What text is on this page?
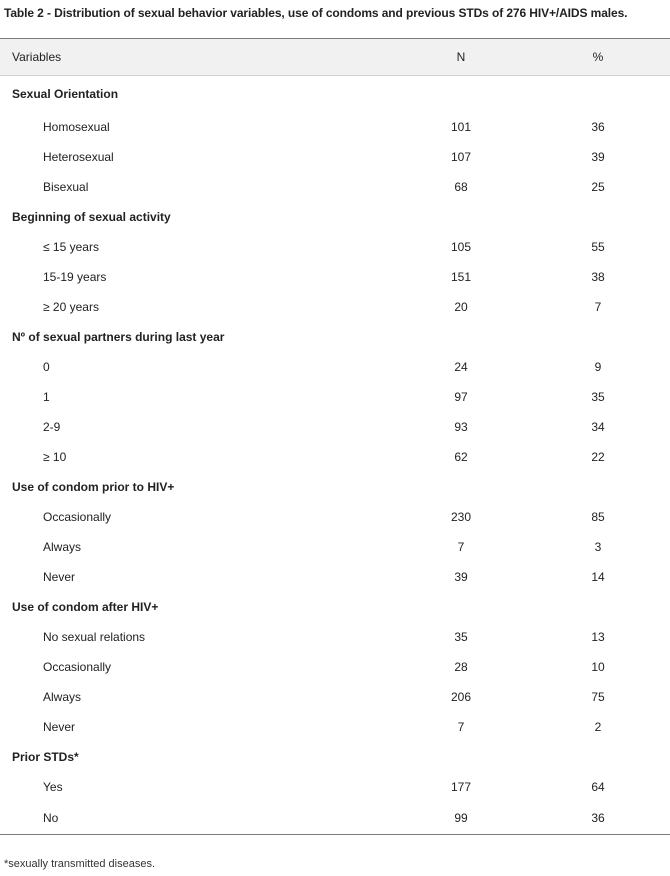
Table 2 - Distribution of sexual behavior variables, use of condoms and previous STDs of 276 HIV+/AIDS males.
Variables	N	%
Sexual Orientation
Homosexual	101	36
Heterosexual	107	39
Bisexual	68	25
Beginning of sexual activity
≤ 15 years	105	55
15-19 years	151	38
≥ 20 years	20	7
Nº of sexual partners during last year
0	24	9
1	97	35
2-9	93	34
≥ 10	62	22
Use of condom prior to HIV+
Occasionally	230	85
Always	7	3
Never	39	14
Use of condom after HIV+
No sexual relations	35	13
Occasionally	28	10
Always	206	75
Never	7	2
Prior STDs*
Yes	177	64
No	99	36
*sexually transmitted diseases.
